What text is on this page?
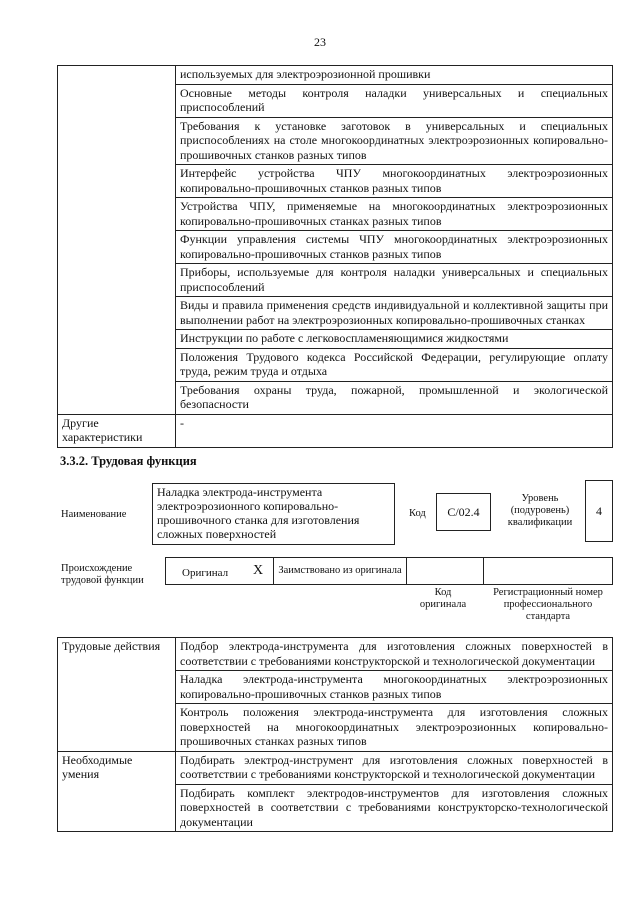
23
	используемых для электроэрозионной прошивки
	Основные методы контроля наладки универсальных и специальных приспособлений
	Требования к установке заготовок в универсальных и специальных приспособлениях на столе многокоординатных электроэрозионных копировально-прошивочных станков разных типов
	Интерфейс устройства ЧПУ многокоординатных электроэрозионных копировально-прошивочных станков разных типов
	Устройства ЧПУ, применяемые на многокоординатных электроэрозионных копировально-прошивочных станках разных типов
	Функции управления системы ЧПУ многокоординатных электроэрозионных копировально-прошивочных станков разных типов
	Приборы, используемые для контроля наладки универсальных и специальных приспособлений
	Виды и правила применения средств индивидуальной и коллективной защиты при выполнении работ на электроэрозионных копировально-прошивочных станках
	Инструкции по работе с легковоспламеняющимися жидкостями
	Положения Трудового кодекса Российской Федерации, регулирующие оплату труда, режим труда и отдыха
	Требования охраны труда, пожарной, промышленной и экологической безопасности
Другие характеристики	-
3.3.2. Трудовая функция
Наименование
Наладка электрода-инструмента электроэрозионного копировально-прошивочного станка для изготовления сложных поверхностей
Код C/02.4
Уровень (подуровень) квалификации
4
Происхождение трудовой функции
Оригинал X Заимствовано из оригинала
Код оригинала
Регистрационный номер профессионального стандарта
Трудовые действия	Подбор электрода-инструмента для изготовления сложных поверхностей в соответствии с требованиями конструкторской и технологической документации
	Наладка электрода-инструмента многокоординатных электроэрозионных копировально-прошивочных станков разных типов
	Контроль положения электрода-инструмента для изготовления сложных поверхностей на многокоординатных электроэрозионных копировально-прошивочных станках разных типов
Необходимые умения	Подбирать электрод-инструмент для изготовления сложных поверхностей в соответствии с требованиями конструкторской и технологической документации
	Подбирать комплект электродов-инструментов для изготовления сложных поверхностей в соответствии с требованиями конструкторско-технологической документации
